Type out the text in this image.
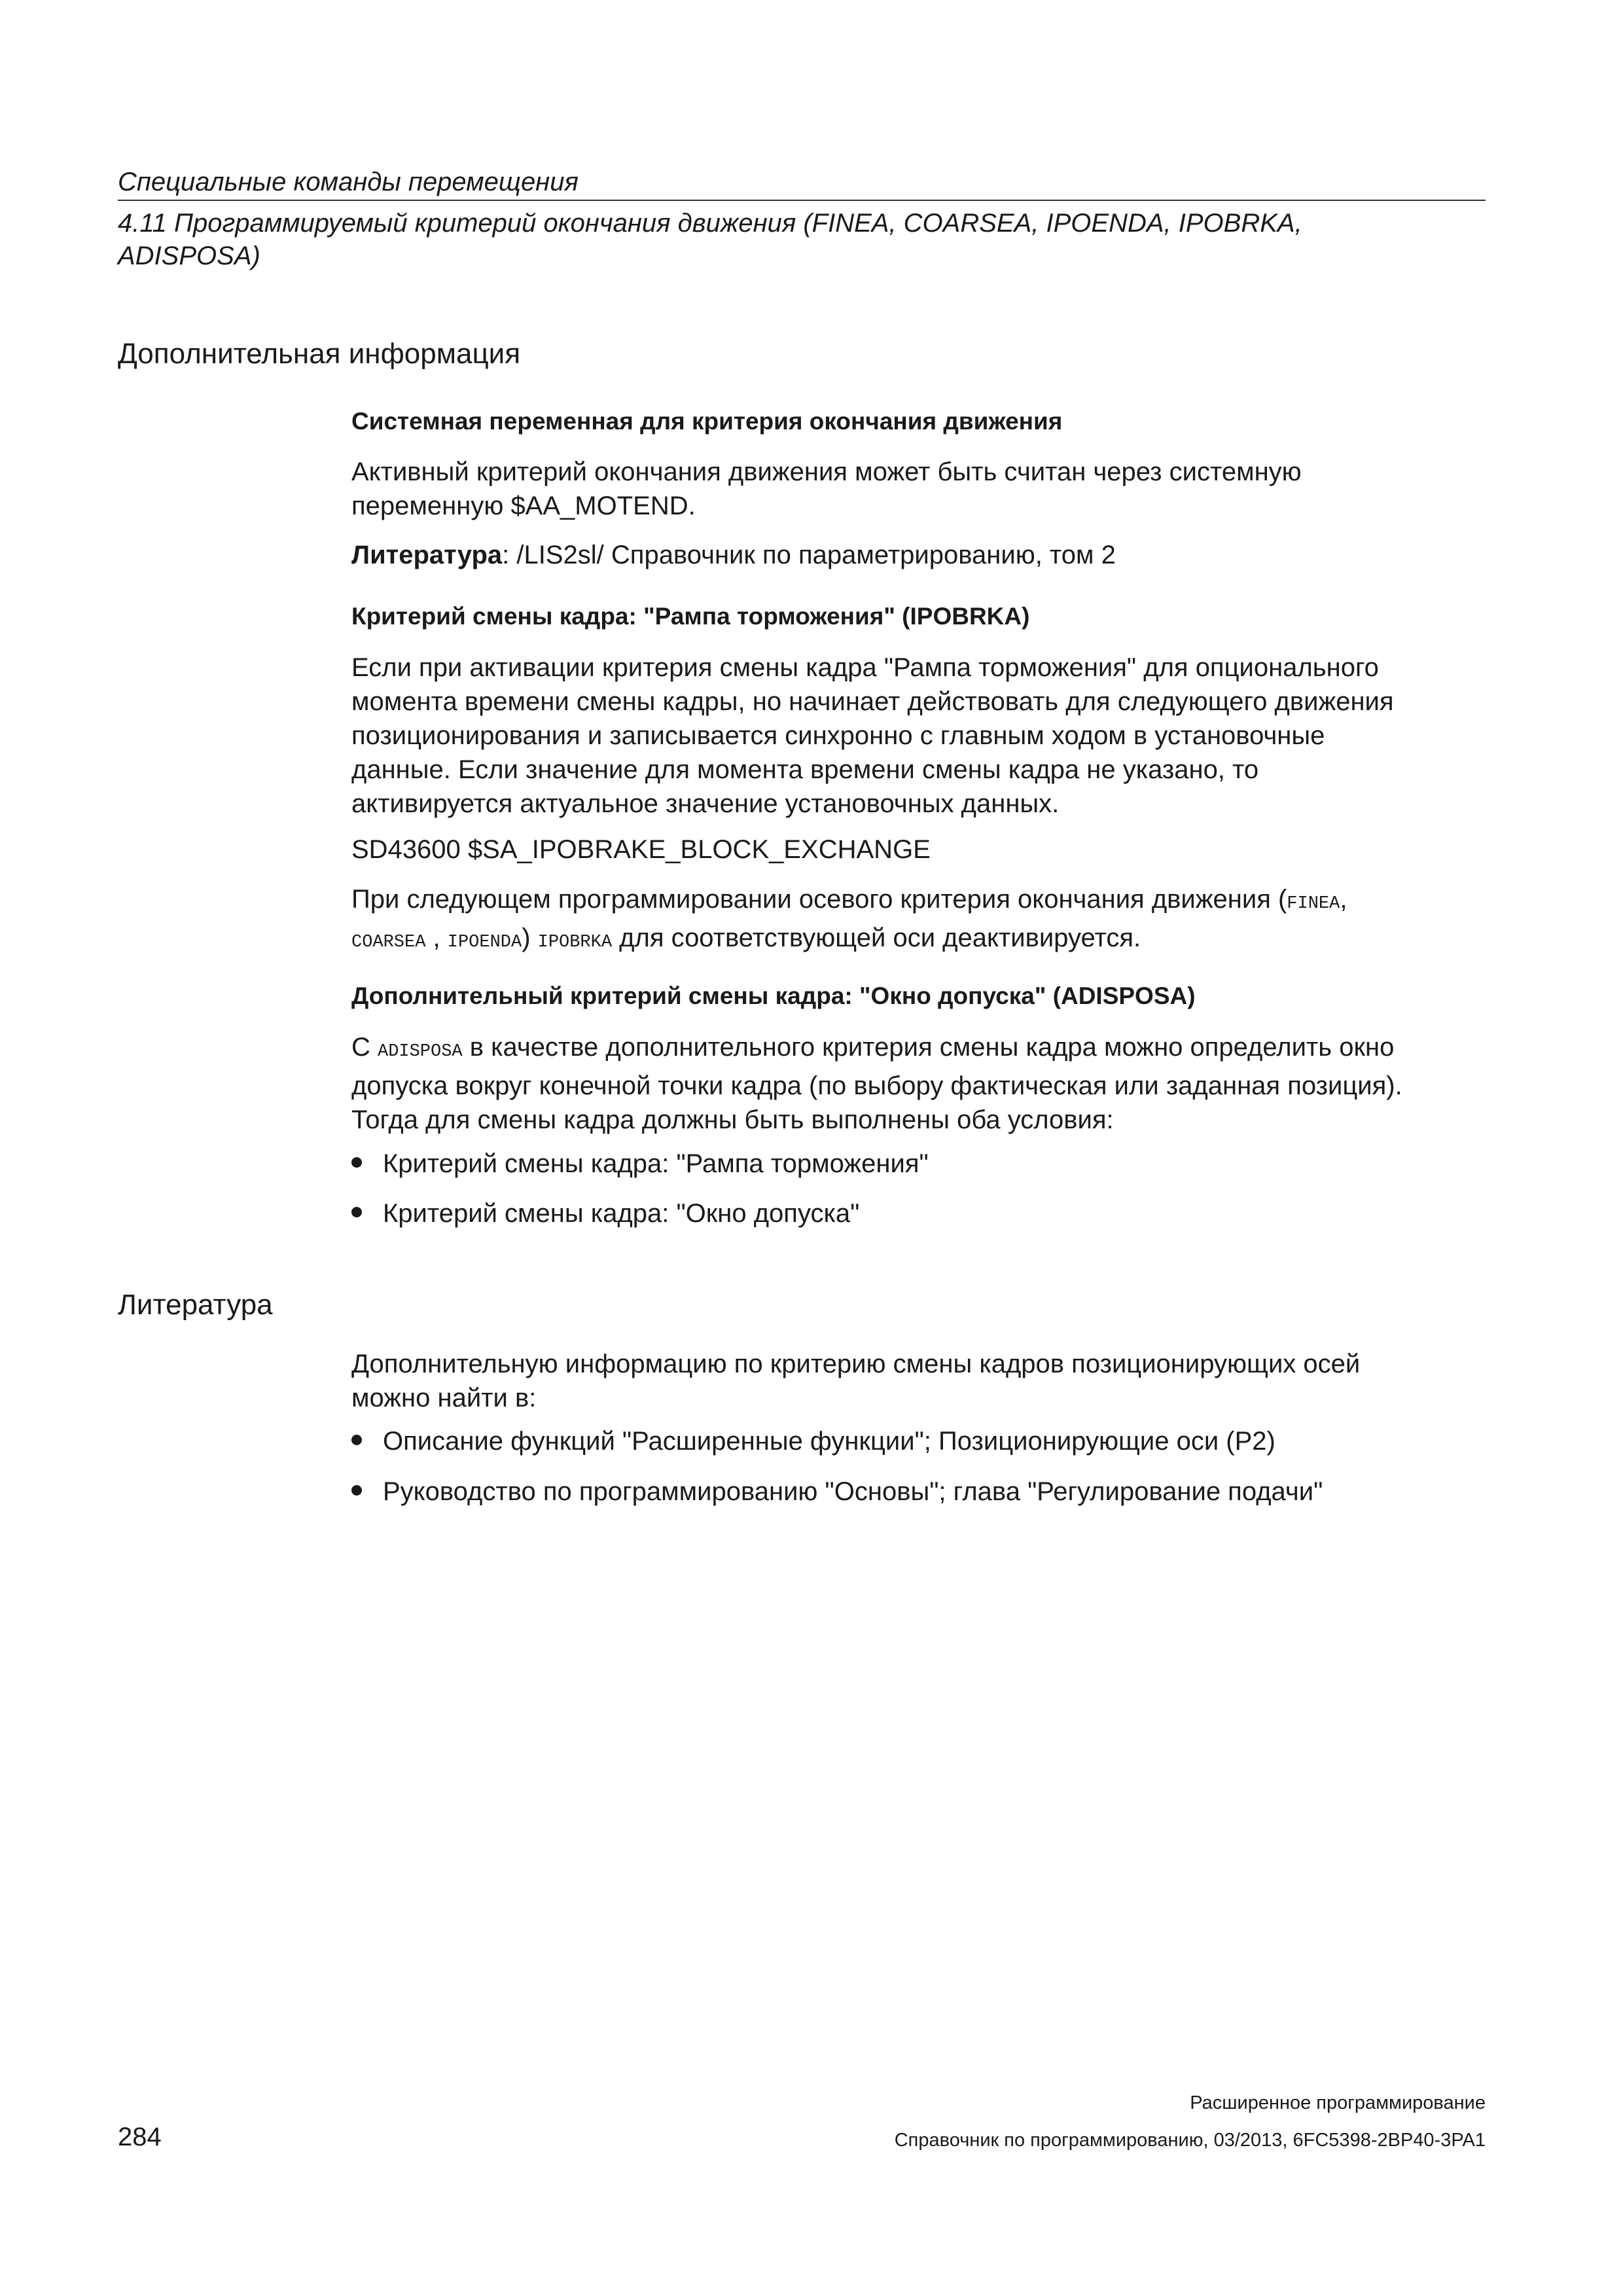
Специальные команды перемещения
4.11 Программируемый критерий окончания движения (FINEA, COARSEA, IPOENDA, IPOBRKA,
ADISPOSA)
Дополнительная информация
Системная переменная для критерия окончания движения
Активный критерий окончания движения может быть считан через системную
переменную $AA_MOTEND.
Литература: /LIS2sl/ Справочник по параметрированию, том 2
Критерий смены кадра: "Рампа торможения" (IPOBRKA)
Если при активации критерия смены кадра "Рампа торможения" для опционального
момента времени смены кадры, но начинает действовать для следующего движения
позиционирования и записывается синхронно с главным ходом в установочные
данные. Если значение для момента времени смены кадра не указано, то
активируется актуальное значение установочных данных.
SD43600 $SA_IPOBRAKE_BLOCK_EXCHANGE
При следующем программировании осевого критерия окончания движения (FINEA,
COARSEA , IPOENDA) IPOBRKA для соответствующей оси деактивируется.
Дополнительный критерий смены кадра: "Окно допуска" (ADISPOSA)
С ADISPOSA в качестве дополнительного критерия смены кадра можно определить окно
допуска вокруг конечной точки кадра (по выбору фактическая или заданная позиция).
Тогда для смены кадра должны быть выполнены оба условия:
Критерий смены кадра: "Рампа торможения"
Критерий смены кадра: "Окно допуска"
Литература
Дополнительную информацию по критерию смены кадров позиционирующих осей
можно найти в:
Описание функций "Расширенные функции"; Позиционирующие оси (P2)
Руководство по программированию "Основы"; глава "Регулирование подачи"
Расширенное программирование
284	Справочник по программированию, 03/2013, 6FC5398-2BP40-3PA1
